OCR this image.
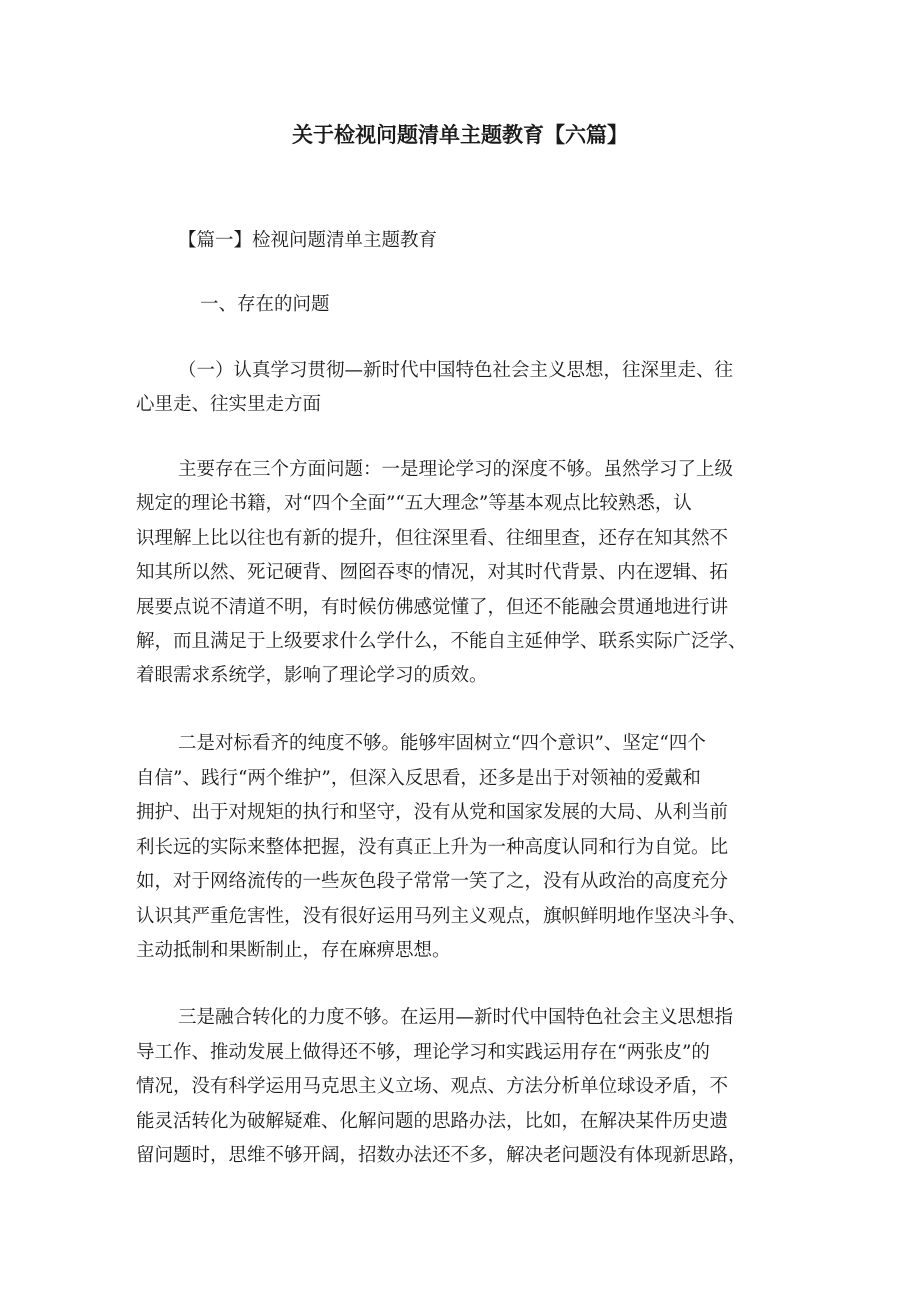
关于检视问题清单主题教育【六篇】

【篇一】检视问题清单主题教育

一、存在的问题

（一）认真学习贯彻—新时代中国特色社会主义思想，往深里走、往

心里走、往实里走方面

主要存在三个方面问题：一是理论学习的深度不够。虽然学习了上级

规定的理论书籍，对“四个全面”“五大理念”等基本观点比较熟悉，认

识理解上比以往也有新的提升，但往深里看、往细里查，还存在知其然不

知其所以然、死记硬背、囫囵吞枣的情况，对其时代背景、内在逻辑、拓

展要点说不清道不明，有时候仿佛感觉懂了，但还不能融会贯通地进行讲

解，而且满足于上级要求什么学什么，不能自主延伸学、联系实际广泛学、

着眼需求系统学，影响了理论学习的质效。

二是对标看齐的纯度不够。能够牢固树立“四个意识”、坚定“四个

自信”、践行“两个维护”，但深入反思看，还多是出于对领袖的爱戴和

拥护、出于对规矩的执行和坚守，没有从党和国家发展的大局、从利当前

利长远的实际来整体把握，没有真正上升为一种高度认同和行为自觉。比

如，对于网络流传的一些灰色段子常常一笑了之，没有从政治的高度充分

认识其严重危害性，没有很好运用马列主义观点，旗帜鲜明地作坚决斗争、

主动抵制和果断制止，存在麻痹思想。

三是融合转化的力度不够。在运用—新时代中国特色社会主义思想指

导工作、推动发展上做得还不够，理论学习和实践运用存在“两张皮”的

情况，没有科学运用马克思主义立场、观点、方法分析单位球设矛盾，不

能灵活转化为破解疑难、化解问题的思路办法，比如，在解决某件历史遗

留问题时，思维不够开阔，招数办法还不多，解决老问题没有体现新思路，
